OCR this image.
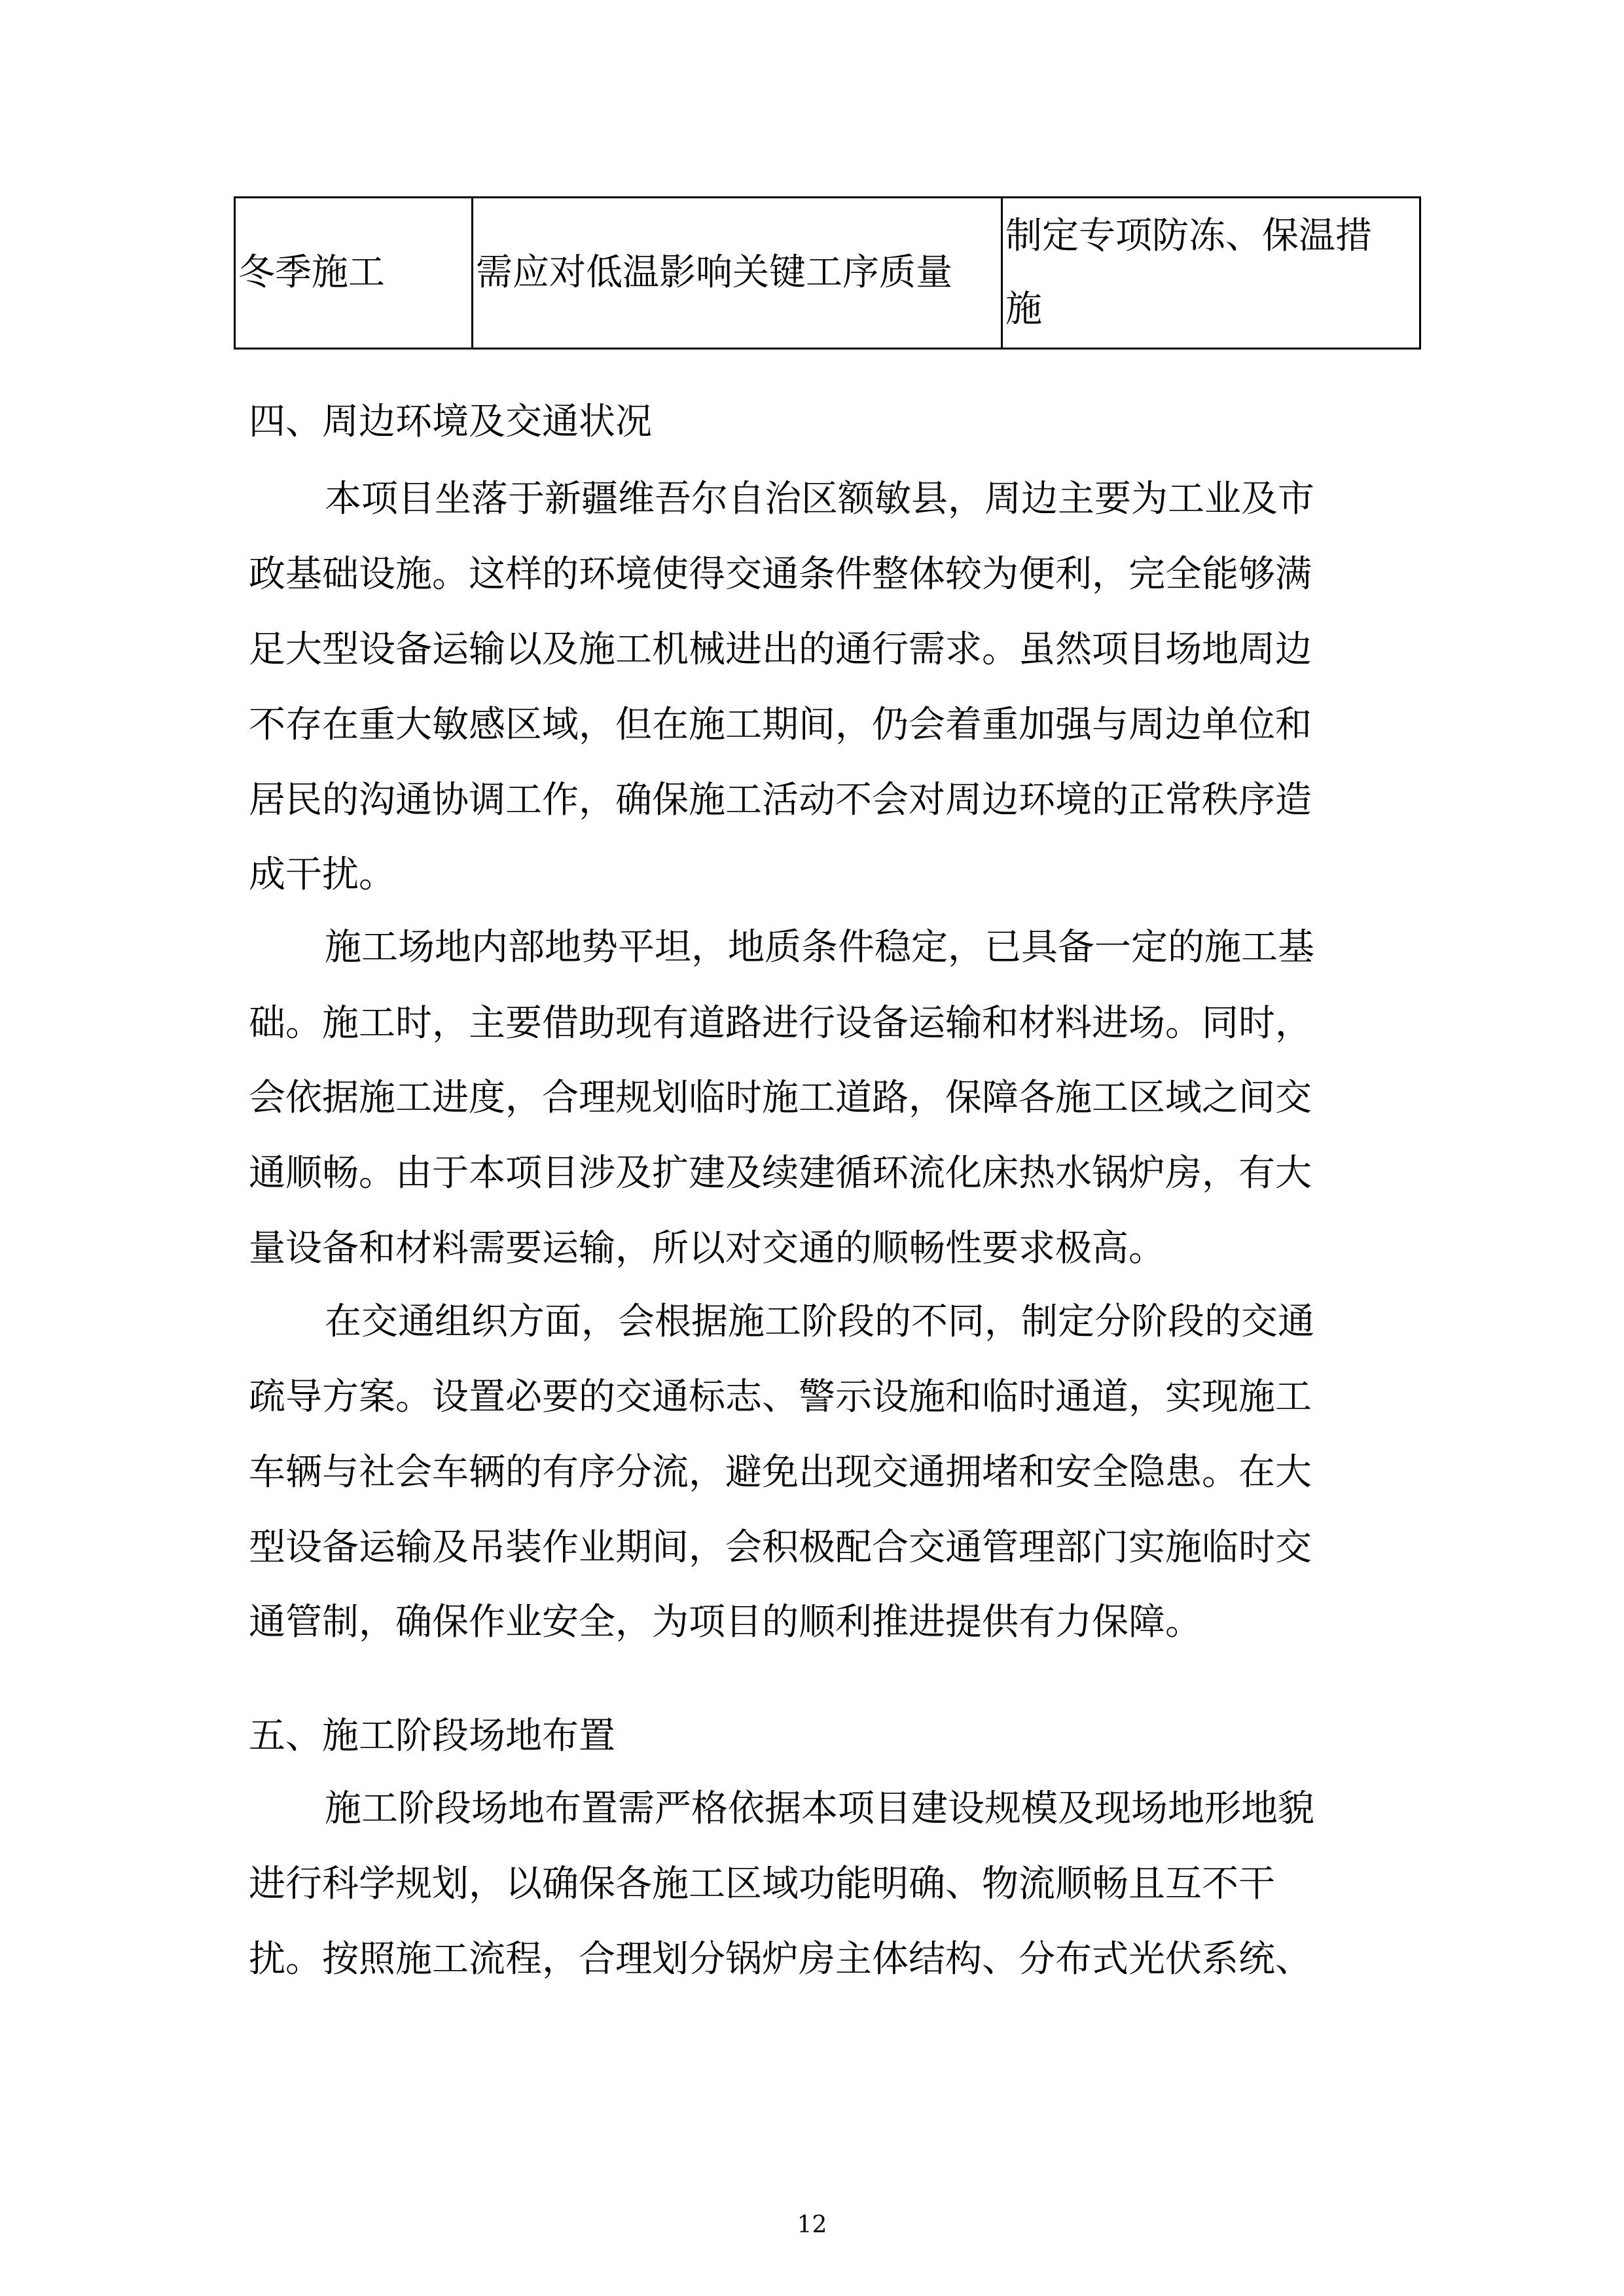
冬季施工	需应对低温影响关键工序质量	制定专项防冻、保温措
施
四、周边环境及交通状况

本项目坐落于新疆维吾尔自治区额敏县，周边主要为工业及市

政基础设施。这样的环境使得交通条件整体较为便利，完全能够满

足大型设备运输以及施工机械进出的通行需求。虽然项目场地周边

不存在重大敏感区域，但在施工期间，仍会着重加强与周边单位和

居民的沟通协调工作，确保施工活动不会对周边环境的正常秩序造

成干扰。

施工场地内部地势平坦，地质条件稳定，已具备一定的施工基

础。施工时，主要借助现有道路进行设备运输和材料进场。同时，

会依据施工进度，合理规划临时施工道路，保障各施工区域之间交

通顺畅。由于本项目涉及扩建及续建循环流化床热水锅炉房，有大

量设备和材料需要运输，所以对交通的顺畅性要求极高。

在交通组织方面，会根据施工阶段的不同，制定分阶段的交通

疏导方案。设置必要的交通标志、警示设施和临时通道，实现施工

车辆与社会车辆的有序分流，避免出现交通拥堵和安全隐患。在大

型设备运输及吊装作业期间，会积极配合交通管理部门实施临时交

通管制，确保作业安全，为项目的顺利推进提供有力保障。

五、施工阶段场地布置

施工阶段场地布置需严格依据本项目建设规模及现场地形地貌

进行科学规划，以确保各施工区域功能明确、物流顺畅且互不干

扰。按照施工流程，合理划分锅炉房主体结构、分布式光伏系统、

12
